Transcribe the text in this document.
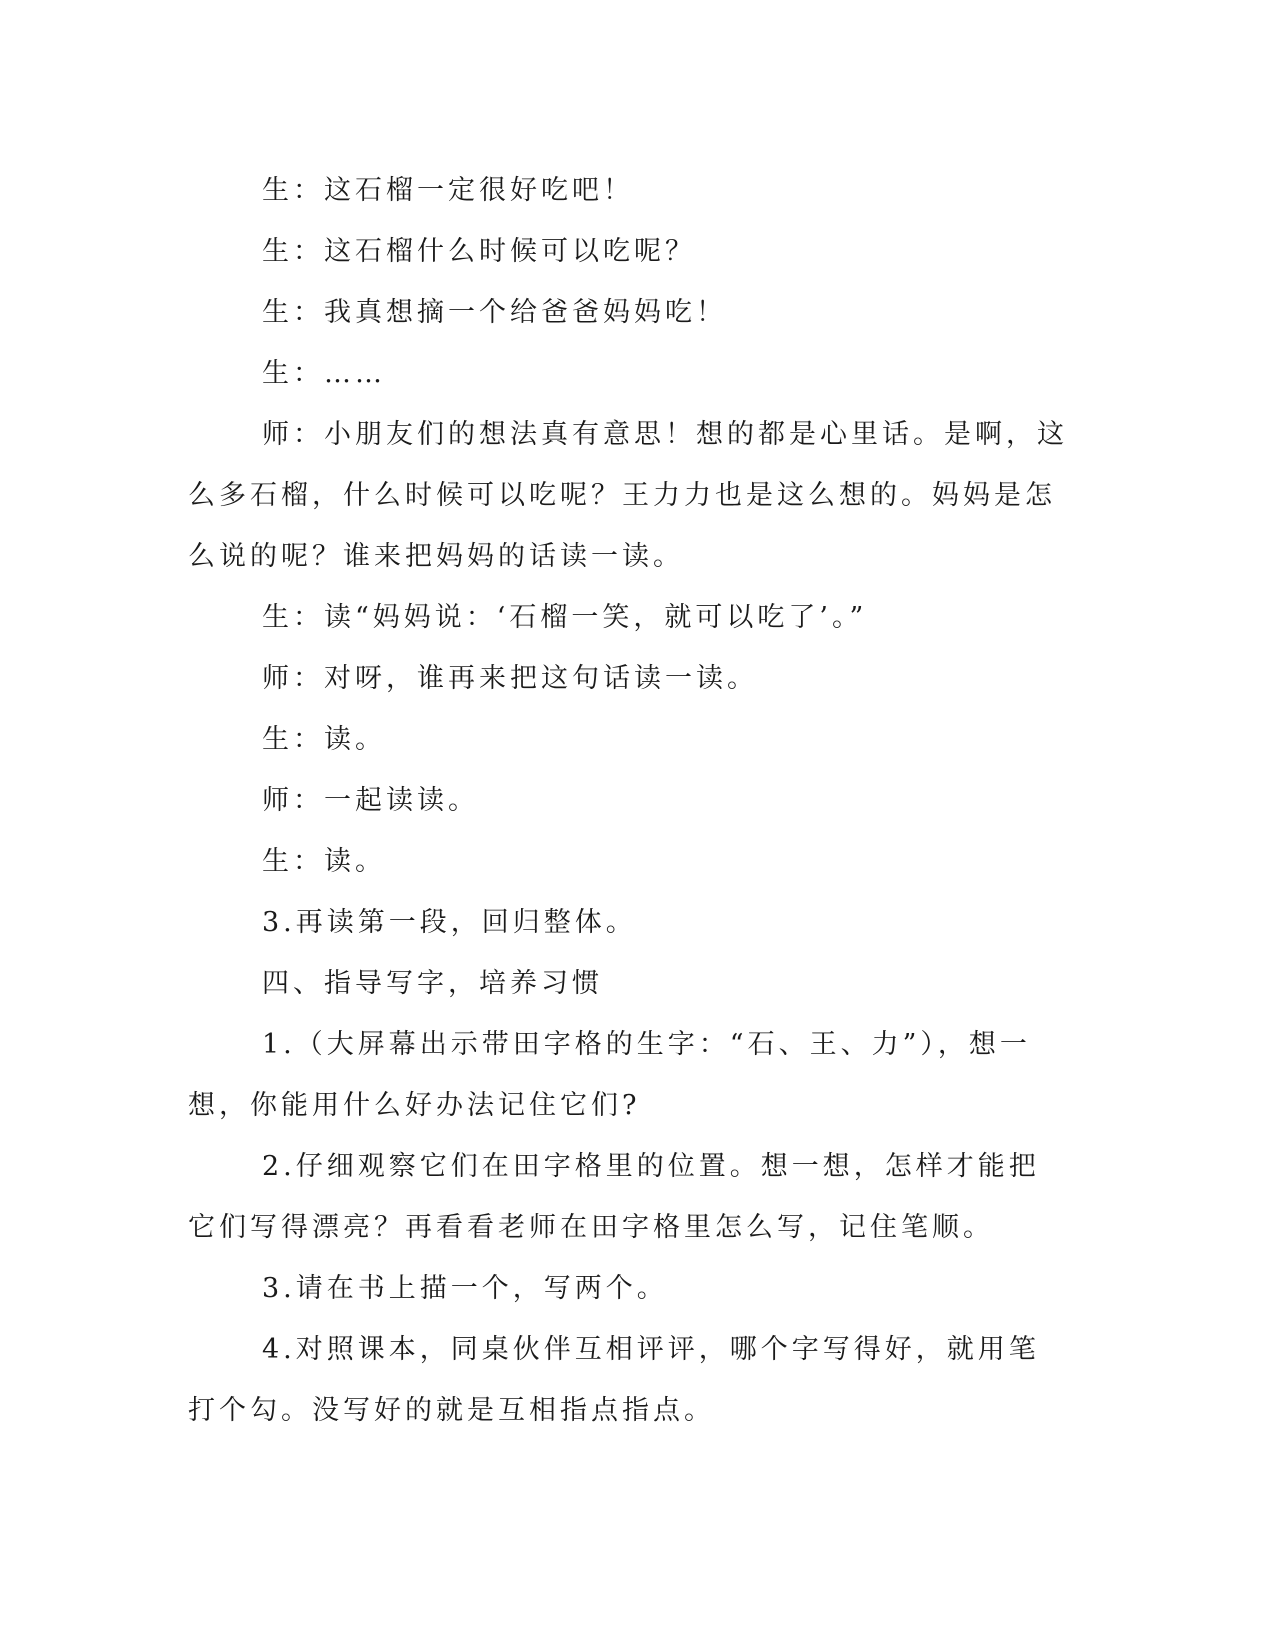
生：这石榴一定很好吃吧！

生：这石榴什么时候可以吃呢？

生：我真想摘一个给爸爸妈妈吃！

生：……

师：小朋友们的想法真有意思！想的都是心里话。是啊，这么多石榴，什么时候可以吃呢？王力力也是这么想的。妈妈是怎么说的呢？谁来把妈妈的话读一读。

生：读“妈妈说：‘石榴一笑，就可以吃了’。”

师：对呀，谁再来把这句话读一读。

生：读。

师：一起读读。

生：读。

3.再读第一段，回归整体。

四、指导写字，培养习惯

1.（大屏幕出示带田字格的生字：“石、王、力”），想一想，你能用什么好办法记住它们?

2.仔细观察它们在田字格里的位置。想一想，怎样才能把它们写得漂亮？再看看老师在田字格里怎么写，记住笔顺。

3.请在书上描一个，写两个。

4.对照课本，同桌伙伴互相评评，哪个字写得好，就用笔打个勾。没写好的就是互相指点指点。
